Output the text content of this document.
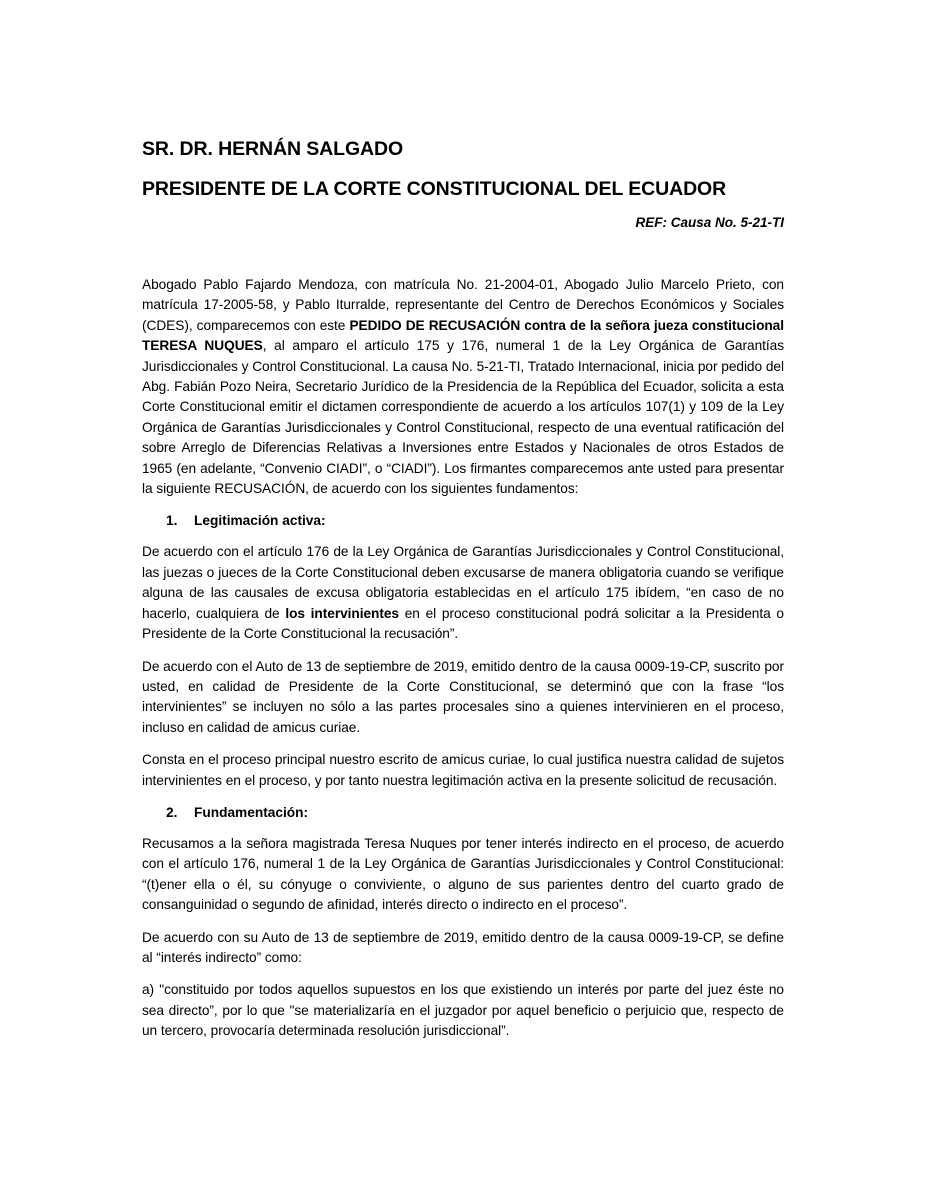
SR. DR. HERNÁN SALGADO
PRESIDENTE DE LA CORTE CONSTITUCIONAL DEL ECUADOR

REF: Causa No. 5-21-TI

Abogado Pablo Fajardo Mendoza, con matrícula No. 21-2004-01, Abogado Julio Marcelo Prieto, con matrícula 17-2005-58, y Pablo Iturralde, representante del Centro de Derechos Económicos y Sociales (CDES), comparecemos con este PEDIDO DE RECUSACIÓN contra de la señora jueza constitucional TERESA NUQUES, al amparo el artículo 175 y 176, numeral 1 de la Ley Orgánica de Garantías Jurisdiccionales y Control Constitucional. La causa No. 5-21-TI, Tratado Internacional, inicia por pedido del Abg. Fabián Pozo Neira, Secretario Jurídico de la Presidencia de la República del Ecuador, solicita a esta Corte Constitucional emitir el dictamen correspondiente de acuerdo a los artículos 107(1) y 109 de la Ley Orgánica de Garantías Jurisdiccionales y Control Constitucional, respecto de una eventual ratificación del sobre Arreglo de Diferencias Relativas a Inversiones entre Estados y Nacionales de otros Estados de 1965 (en adelante, “Convenio CIADI”, o “CIADI”). Los firmantes comparecemos ante usted para presentar la siguiente RECUSACIÓN, de acuerdo con los siguientes fundamentos:

1. Legitimación activa:

De acuerdo con el artículo 176 de la Ley Orgánica de Garantías Jurisdiccionales y Control Constitucional, las juezas o jueces de la Corte Constitucional deben excusarse de manera obligatoria cuando se verifique alguna de las causales de excusa obligatoria establecidas en el artículo 175 ibídem, “en caso de no hacerlo, cualquiera de los intervinientes en el proceso constitucional podrá solicitar a la Presidenta o Presidente de la Corte Constitucional la recusación”.

De acuerdo con el Auto de 13 de septiembre de 2019, emitido dentro de la causa 0009-19-CP, suscrito por usted, en calidad de Presidente de la Corte Constitucional, se determinó que con la frase “los intervinientes” se incluyen no sólo a las partes procesales sino a quienes intervinieren en el proceso, incluso en calidad de amicus curiae.

Consta en el proceso principal nuestro escrito de amicus curiae, lo cual justifica nuestra calidad de sujetos intervinientes en el proceso, y por tanto nuestra legitimación activa en la presente solicitud de recusación.

2. Fundamentación:

Recusamos a la señora magistrada Teresa Nuques por tener interés indirecto en el proceso, de acuerdo con el artículo 176, numeral 1 de la Ley Orgánica de Garantías Jurisdiccionales y Control Constitucional: “(t)ener ella o él, su cónyuge o conviviente, o alguno de sus parientes dentro del cuarto grado de consanguinidad o segundo de afinidad, interés directo o indirecto en el proceso”.

De acuerdo con su Auto de 13 de septiembre de 2019, emitido dentro de la causa 0009-19-CP, se define al “interés indirecto” como:

a) "constituido por todos aquellos supuestos en los que existiendo un interés por parte del juez éste no sea directo”, por lo que "se materializaría en el juzgador por aquel beneficio o perjuicio que, respecto de un tercero, provocaría determinada resolución jurisdiccional”.
